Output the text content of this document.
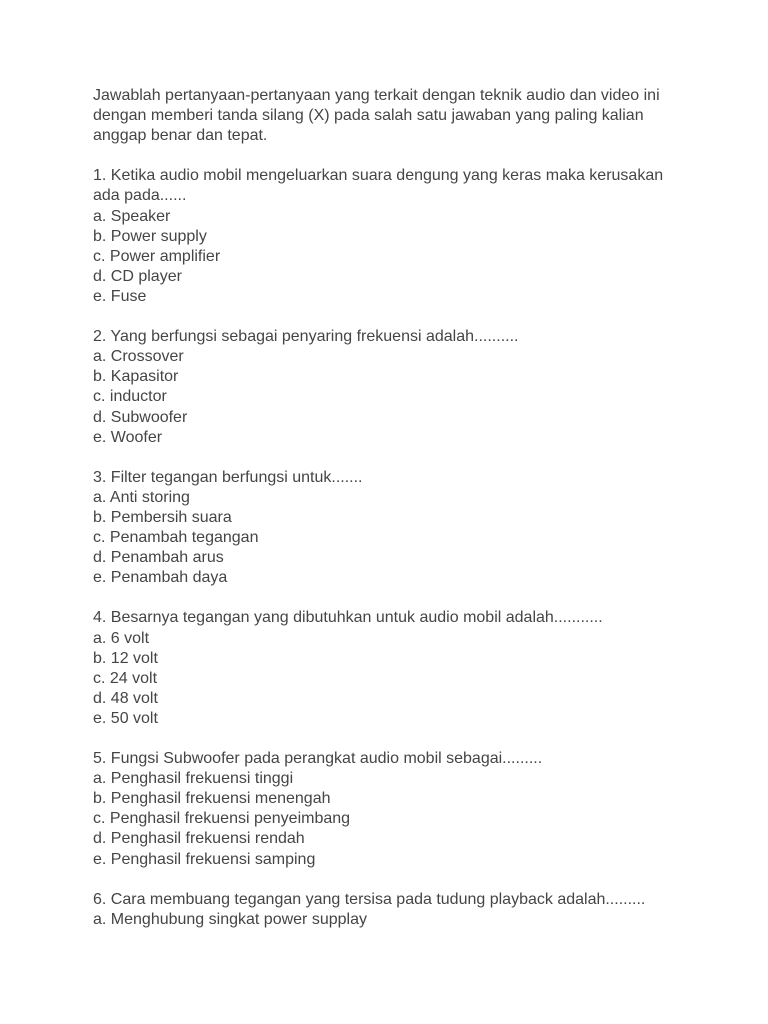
Jawablah pertanyaan-pertanyaan yang terkait dengan teknik audio dan video ini dengan memberi tanda silang (X) pada salah satu jawaban yang paling kalian anggap benar dan tepat.

1. Ketika audio mobil mengeluarkan suara dengung yang keras maka kerusakan ada pada......
a. Speaker
b. Power supply
c. Power amplifier
d. CD player
e. Fuse
2. Yang berfungsi sebagai penyaring frekuensi adalah..........
a. Crossover
b. Kapasitor
c. inductor
d. Subwoofer
e. Woofer
3. Filter tegangan berfungsi untuk.......
a. Anti storing
b. Pembersih suara
c. Penambah tegangan
d. Penambah arus
e. Penambah daya
4. Besarnya tegangan yang dibutuhkan untuk audio mobil adalah...........
a. 6 volt
b. 12 volt
c. 24 volt
d. 48 volt
e. 50 volt
5. Fungsi Subwoofer pada perangkat audio mobil sebagai.........
a. Penghasil frekuensi tinggi
b. Penghasil frekuensi menengah
c. Penghasil frekuensi penyeimbang
d. Penghasil frekuensi rendah
e. Penghasil frekuensi samping
6. Cara membuang tegangan yang tersisa pada tudung playback adalah.........
a. Menghubung singkat power supplay
